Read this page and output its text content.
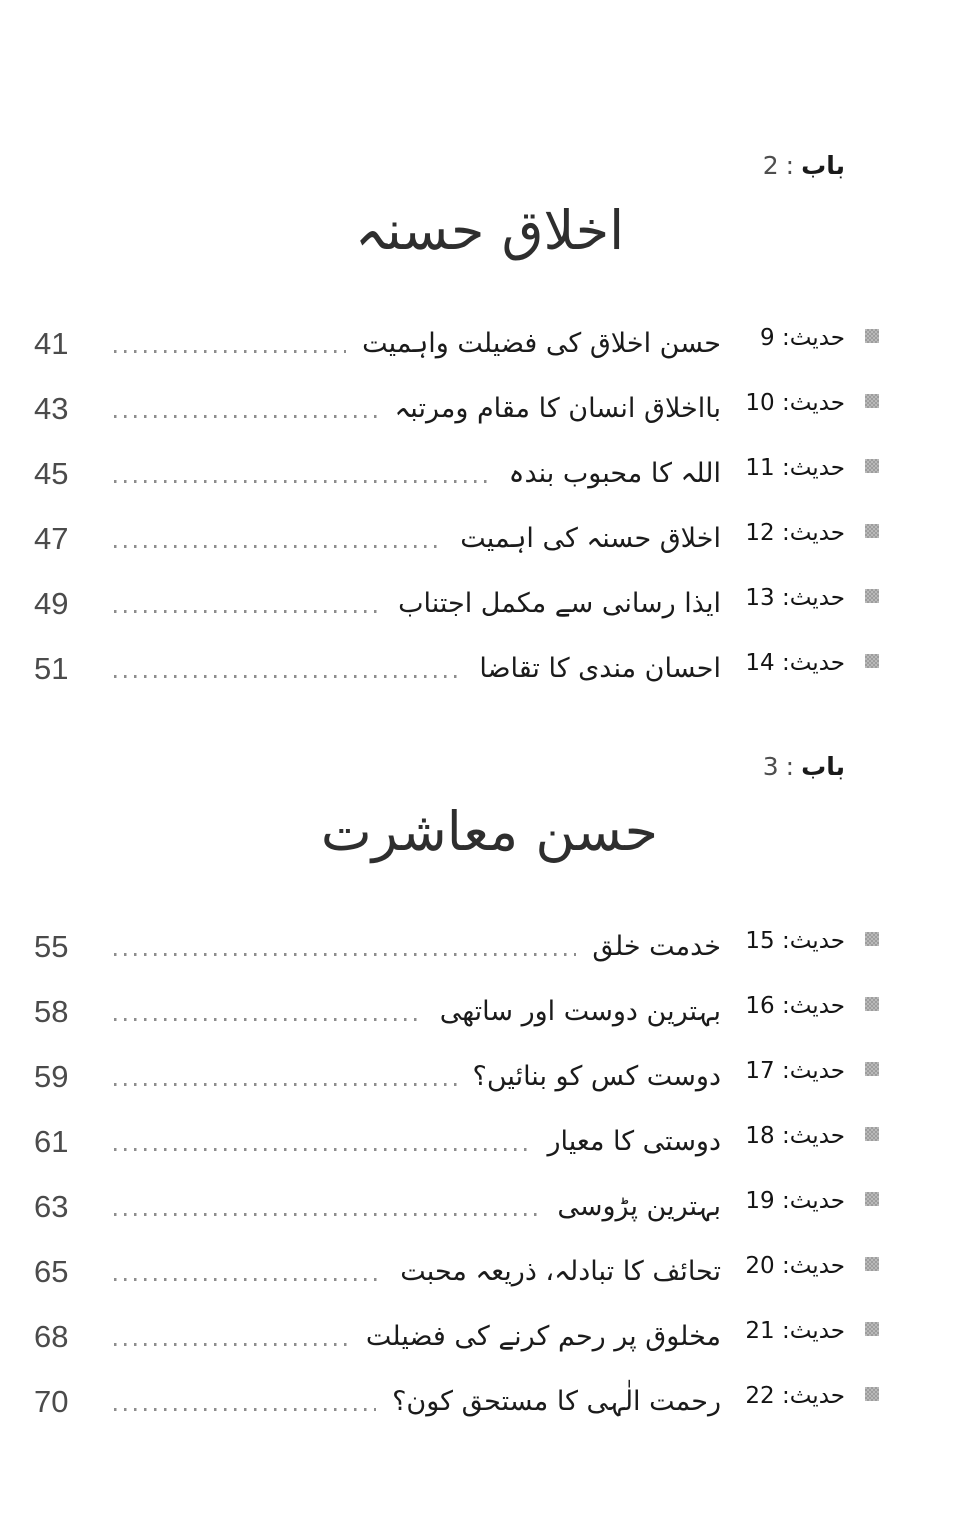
باب:2
اخلاق حسنہ
41	حسن اخلاق کی فضیلت واہمیت	حدیث: 9
43	بااخلاق انسان کا مقام ومرتبہ	حدیث: 10
45	اللہ کا محبوب بندہ	حدیث: 11
47	اخلاق حسنہ کی اہمیت	حدیث: 12
49	ایذا رسانی سے مکمل اجتناب	حدیث: 13
51	احسان مندی کا تقاضا	حدیث: 14
باب:3
حسن معاشرت
55	خدمت خلق	حدیث: 15
58	بہترین دوست اور ساتھی	حدیث: 16
59	دوست کس کو بنائیں؟	حدیث: 17
61	دوستی کا معیار	حدیث: 18
63	بہترین پڑوسی	حدیث: 19
65	تحائف کا تبادلہ، ذریعہ محبت	حدیث: 20
68	مخلوق پر رحم کرنے کی فضیلت	حدیث: 21
70	رحمت الٰہی کا مستحق کون؟	حدیث: 22
